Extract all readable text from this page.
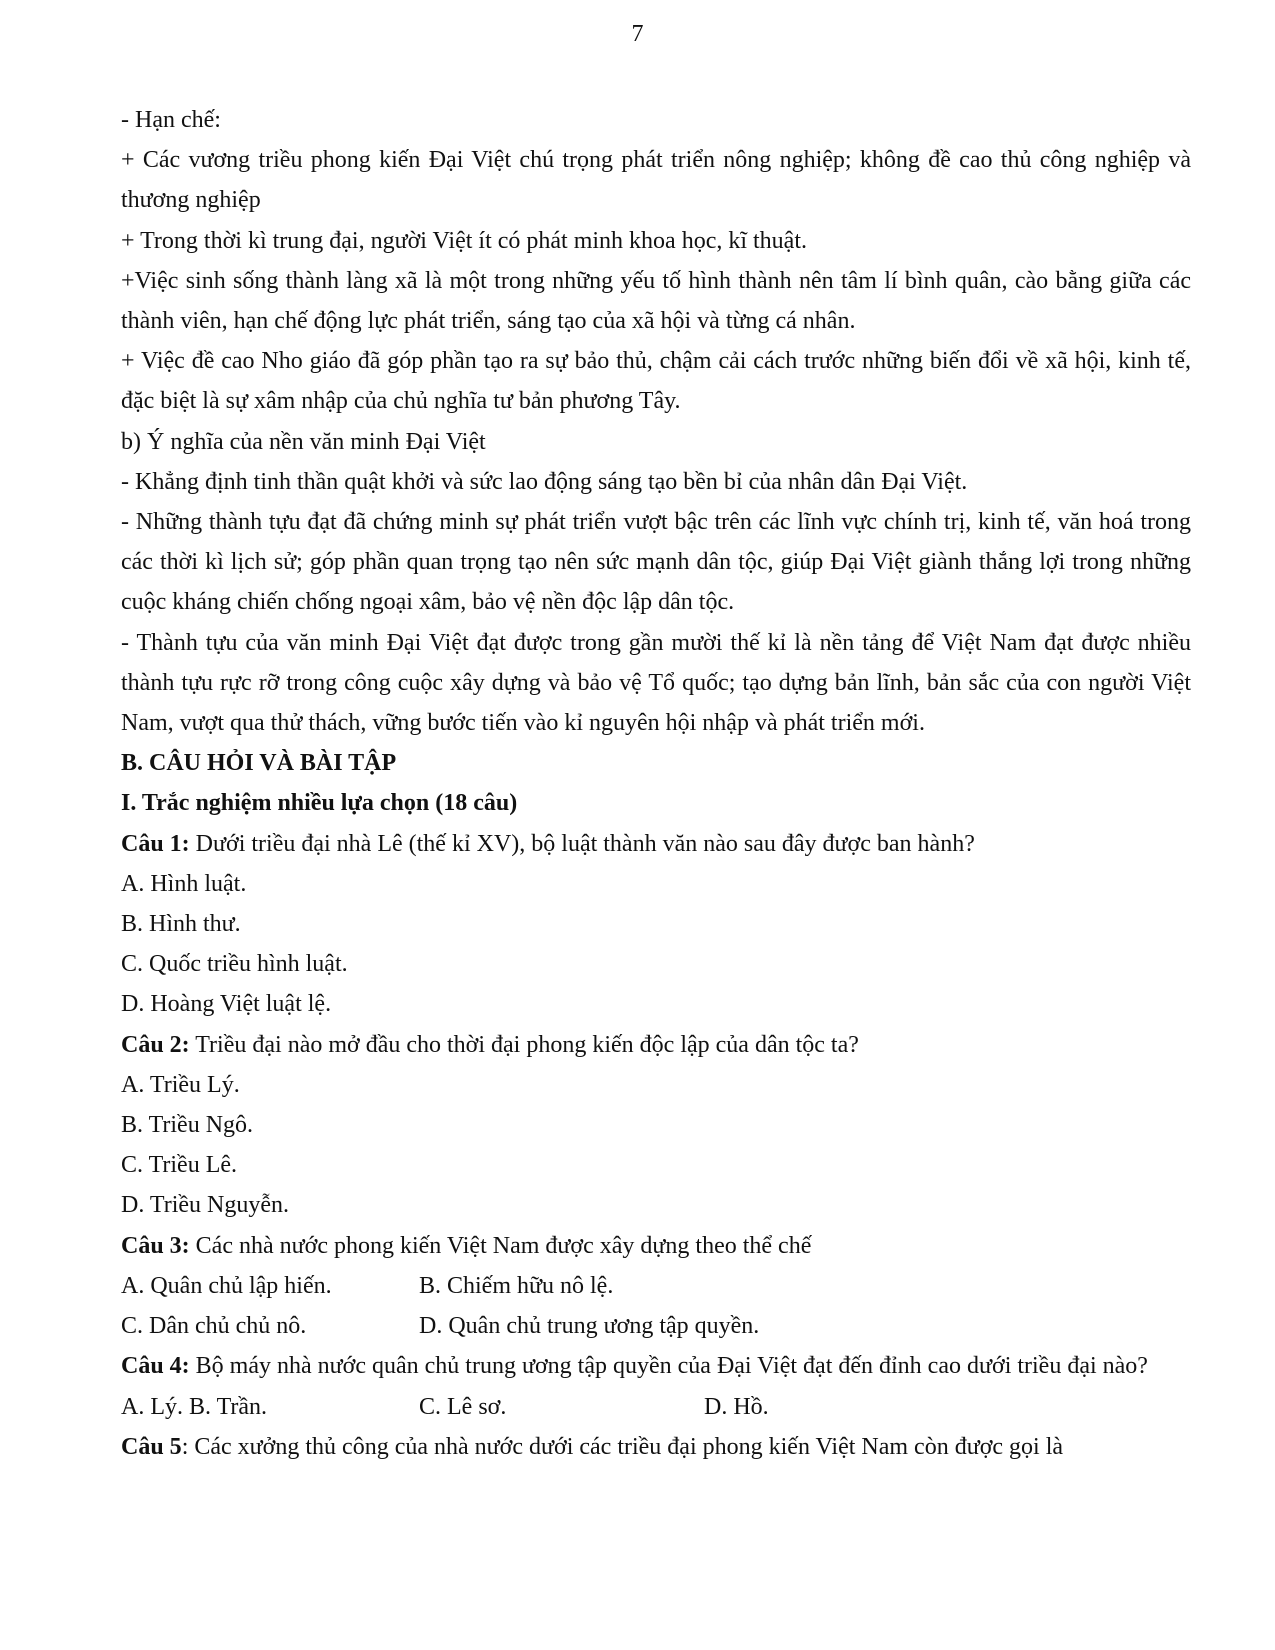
7

- Hạn chế:

+ Các vương triều phong kiến Đại Việt chú trọng phát triển nông nghiệp; không đề cao thủ công nghiệp và thương nghiệp

+ Trong thời kì trung đại, người Việt ít có phát minh khoa học, kĩ thuật.

+Việc sinh sống thành làng xã là một trong những yếu tố hình thành nên tâm lí bình quân, cào bằng giữa các thành viên, hạn chế động lực phát triển, sáng tạo của xã hội và từng cá nhân.

+ Việc đề cao Nho giáo đã góp phần tạo ra sự bảo thủ, chậm cải cách trước những biến đổi về xã hội, kinh tế, đặc biệt là sự xâm nhập của chủ nghĩa tư bản phương Tây.

b) Ý nghĩa của nền văn minh Đại Việt

- Khẳng định tinh thần quật khởi và sức lao động sáng tạo bền bỉ của nhân dân Đại Việt.

- Những thành tựu đạt đã chứng minh sự phát triển vượt bậc trên các lĩnh vực chính trị, kinh tế, văn hoá trong các thời kì lịch sử; góp phần quan trọng tạo nên sức mạnh dân tộc, giúp Đại Việt giành thắng lợi trong những cuộc kháng chiến chống ngoại xâm, bảo vệ nền độc lập dân tộc.

- Thành tựu của văn minh Đại Việt đạt được trong gần mười thế kỉ là nền tảng để Việt Nam đạt được nhiều thành tựu rực rỡ trong công cuộc xây dựng và bảo vệ Tổ quốc; tạo dựng bản lĩnh, bản sắc của con người Việt Nam, vượt qua thử thách, vững bước tiến vào kỉ nguyên hội nhập và phát triển mới.

B. CÂU HỎI VÀ BÀI TẬP

I. Trắc nghiệm nhiều lựa chọn (18 câu)

Câu 1: Dưới triều đại nhà Lê (thế kỉ XV), bộ luật thành văn nào sau đây được ban hành?

A. Hình luật.

B. Hình thư.

C. Quốc triều hình luật.

D. Hoàng Việt luật lệ.

Câu 2: Triều đại nào mở đầu cho thời đại phong kiến độc lập của dân tộc ta?

A. Triều Lý.

B. Triều Ngô.

C. Triều Lê.

D. Triều Nguyễn.

Câu 3: Các nhà nước phong kiến Việt Nam được xây dựng theo thể chế

A. Quân chủ lập hiến.	B. Chiếm hữu nô lệ.
C. Dân chủ chủ nô.	D. Quân chủ trung ương tập quyền.

Câu 4: Bộ máy nhà nước quân chủ trung ương tập quyền của Đại Việt đạt đến đỉnh cao dưới triều đại nào?

A. Lý. B. Trần.	C. Lê sơ.	D. Hồ.

Câu 5: Các xưởng thủ công của nhà nước dưới các triều đại phong kiến Việt Nam còn được gọi là
